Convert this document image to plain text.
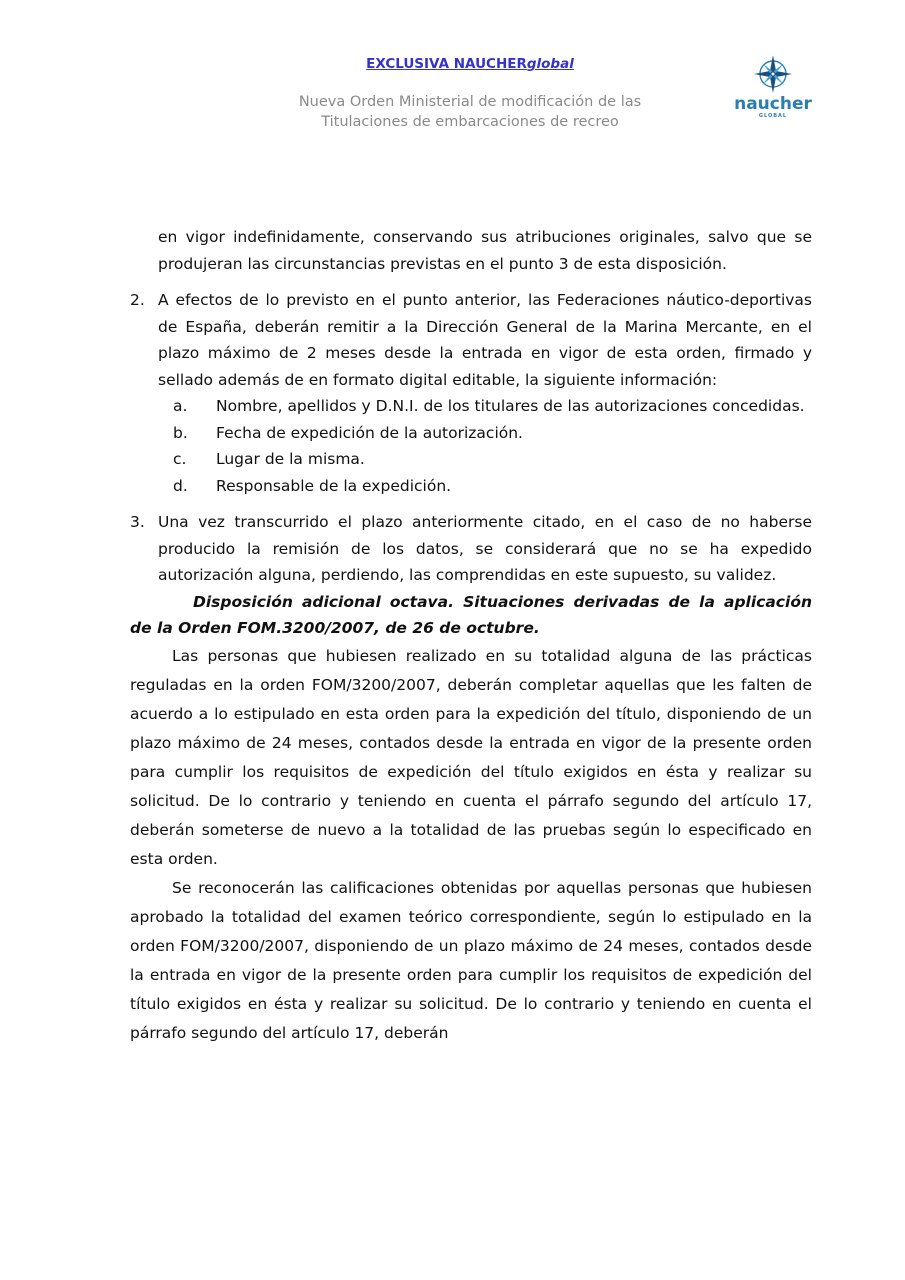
EXCLUSIVA NAUCHERglobal
Nueva Orden Ministerial de modificación de las
Titulaciones de embarcaciones de recreo
naucher
GLOBAL

en vigor indefinidamente, conservando sus atribuciones originales, salvo que se produjeran las circunstancias previstas en el punto 3 de esta disposición.

2. A efectos de lo previsto en el punto anterior, las Federaciones náutico-deportivas de España, deberán remitir a la Dirección General de la Marina Mercante, en el plazo máximo de 2 meses desde la entrada en vigor de esta orden, firmado y sellado además de en formato digital editable, la siguiente información:

a. Nombre, apellidos y D.N.I. de los titulares de las autorizaciones concedidas.

b. Fecha de expedición de la autorización.

c. Lugar de la misma.

d. Responsable de la expedición.

3. Una vez transcurrido el plazo anteriormente citado, en el caso de no haberse producido la remisión de los datos, se considerará que no se ha expedido autorización alguna, perdiendo, las comprendidas en este supuesto, su validez.

Disposición adicional octava. Situaciones derivadas de la aplicación de la Orden FOM.3200/2007, de 26 de octubre.

Las personas que hubiesen realizado en su totalidad alguna de las prácticas reguladas en la orden FOM/3200/2007, deberán completar aquellas que les falten de acuerdo a lo estipulado en esta orden para la expedición del título, disponiendo de un plazo máximo de 24 meses, contados desde la entrada en vigor de la presente orden para cumplir los requisitos de expedición del título exigidos en ésta y realizar su solicitud. De lo contrario y teniendo en cuenta el párrafo segundo del artículo 17, deberán someterse de nuevo a la totalidad de las pruebas según lo especificado en esta orden.

Se reconocerán las calificaciones obtenidas por aquellas personas que hubiesen aprobado la totalidad del examen teórico correspondiente, según lo estipulado en la orden FOM/3200/2007, disponiendo de un plazo máximo de 24 meses, contados desde la entrada en vigor de la presente orden para cumplir los requisitos de expedición del título exigidos en ésta y realizar su solicitud. De lo contrario y teniendo en cuenta el párrafo segundo del artículo 17, deberán
